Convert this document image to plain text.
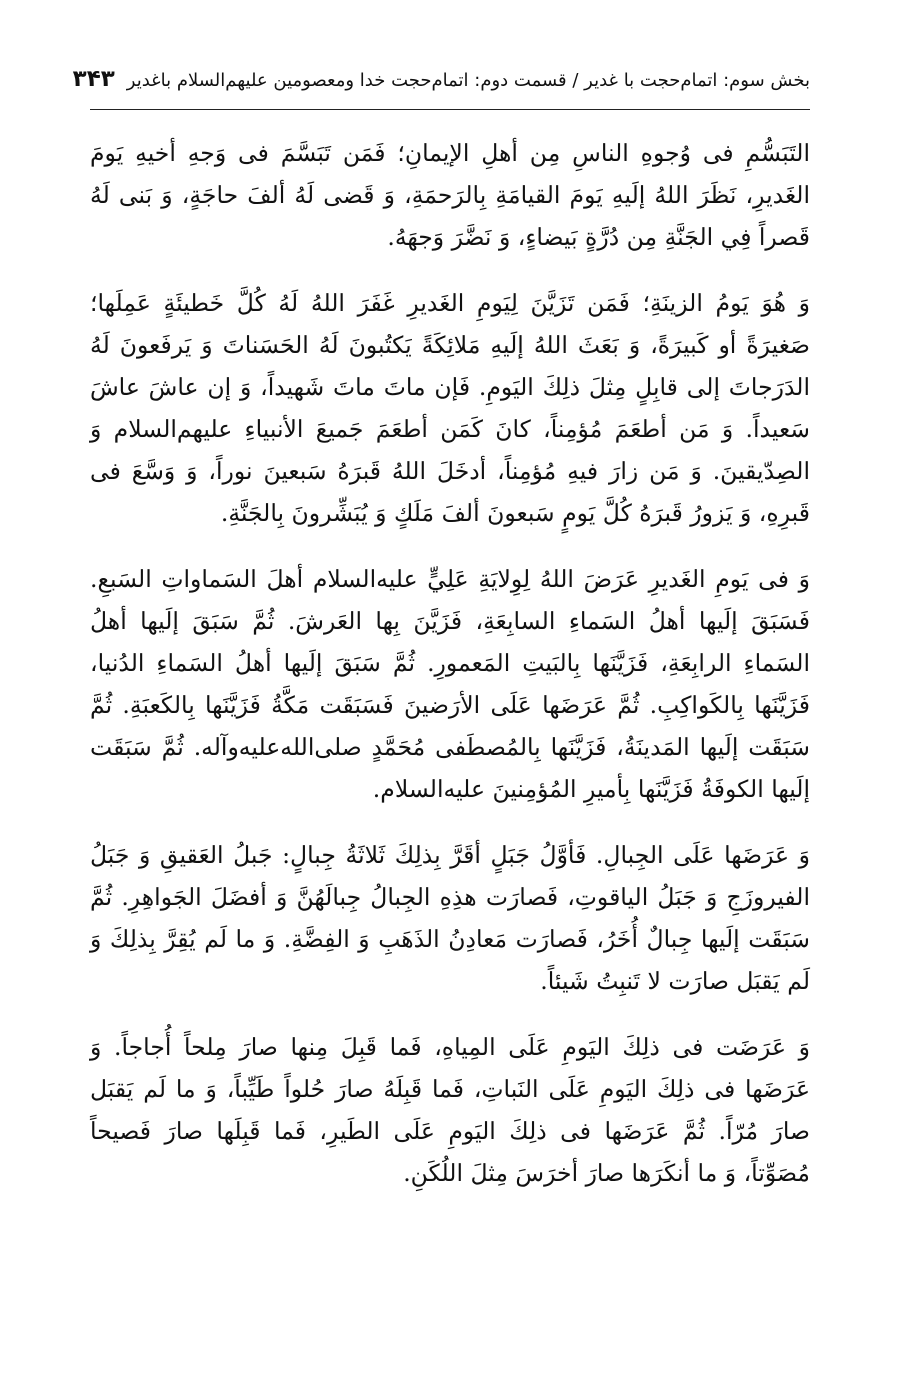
بخش سوم: اتمام‌حجت با غدیر / قسمت دوم: اتمام‌حجت خدا ومعصومین علیهم‌السلام باغدیر
۳۴۳

التَبَسُّمِ فی وُجوهِ الناسِ مِن أهلِ الإيمانِ؛ فَمَن تَبَسَّمَ فی وَجهِ أخيهِ يَومَ الغَديرِ، نَظَرَ اللهُ إلَيهِ يَومَ القيامَةِ بِالرَحمَةِ، وَ قَضى لَهُ ألفَ حاجَةٍ، وَ بَنى لَهُ قَصراً فِي الجَنَّةِ مِن دُرَّةٍ بَيضاءٍ، وَ نَضَّرَ وَجهَهُ.

وَ هُوَ يَومُ الزينَةِ؛ فَمَن تَزَيَّنَ لِيَومِ الغَديرِ غَفَرَ اللهُ لَهُ كُلَّ خَطيئَةٍ عَمِلَها؛ صَغيرَةً أو كَبيرَةً، وَ بَعَثَ اللهُ إلَيهِ مَلائِكَةً يَكتُبونَ لَهُ الحَسَناتَ وَ يَرفَعونَ لَهُ الدَرَجاتَ إلى قابِلٍ مِثلَ ذلِكَ اليَومِ. فَإن ماتَ ماتَ شَهيداً، وَ إن عاشَ عاشَ سَعيداً. وَ مَن أطعَمَ مُؤمِناً، كانَ كَمَن أطعَمَ جَميعَ الأنبياءِ عليهم‌السلام وَ الصِدّيقينَ. وَ مَن زارَ فيهِ مُؤمِناً، أدخَلَ اللهُ قَبرَهُ سَبعينَ نوراً، وَ وَسَّعَ فی قَبرِهِ، وَ يَزورُ قَبرَهُ كُلَّ يَومٍ سَبعونَ ألفَ مَلَكٍ وَ يُبَشِّرونَ بِالجَنَّةِ.

وَ فی يَومِ الغَديرِ عَرَضَ اللهُ لِوِلايَةِ عَلِيٍّ عليه‌السلام أهلَ السَماواتِ السَبعِ. فَسَبَقَ إلَيها أهلُ السَماءِ السابِعَةِ، فَزَيَّنَ بِها العَرشَ. ثُمَّ سَبَقَ إلَيها أهلُ السَماءِ الرابِعَةِ، فَزَيَّنَها بِالبَيتِ المَعمورِ. ثُمَّ سَبَقَ إلَيها أهلُ السَماءِ الدُنيا، فَزَيَّنَها بِالكَواكِبِ. ثُمَّ عَرَضَها عَلَى الأرَضينَ فَسَبَقَت مَكَّةُ فَزَيَّنَها بِالكَعبَةِ. ثُمَّ سَبَقَت إلَيها المَدينَةُ، فَزَيَّنَها بِالمُصطَفى مُحَمَّدٍ صلی‌الله‌علیه‌وآله. ثُمَّ سَبَقَت إلَيها الكوفَةُ فَزَيَّنَها بِأميرِ المُؤمِنينَ عليه‌السلام.

وَ عَرَضَها عَلَى الجِبالِ. فَأوَّلُ جَبَلٍ أقَرَّ بِذلِكَ ثَلاثَةُ جِبالٍ: جَبلُ العَقيقِ وَ جَبَلُ الفيروزَجِ وَ جَبَلُ الياقوتِ، فَصارَت هذِهِ الجِبالُ جِبالَهُنَّ وَ أفضَلَ الجَواهِرِ. ثُمَّ سَبَقَت إلَيها جِبالٌ أُخَرُ، فَصارَت مَعادِنُ الذَهَبِ وَ الفِضَّةِ. وَ ما لَم يُقِرَّ بِذلِكَ وَ لَم يَقبَل صارَت لا تَنبِتُ شَيئاً.

وَ عَرَضَت فی ذلِكَ اليَومِ عَلَى المِياهِ، فَما قَبِلَ مِنها صارَ مِلحاً أُجاجاً. وَ عَرَضَها فی ذلِكَ اليَومِ عَلَى النَباتِ، فَما قَبِلَهُ صارَ حُلواً طَيِّباً، وَ ما لَم يَقبَل صارَ مُرّاً. ثُمَّ عَرَضَها فی ذلِكَ اليَومِ عَلَى الطَيرِ، فَما قَبِلَها صارَ فَصيحاً مُصَوِّتاً، وَ ما أنكَرَها صارَ أخرَسَ مِثلَ اللُكَنِ.
